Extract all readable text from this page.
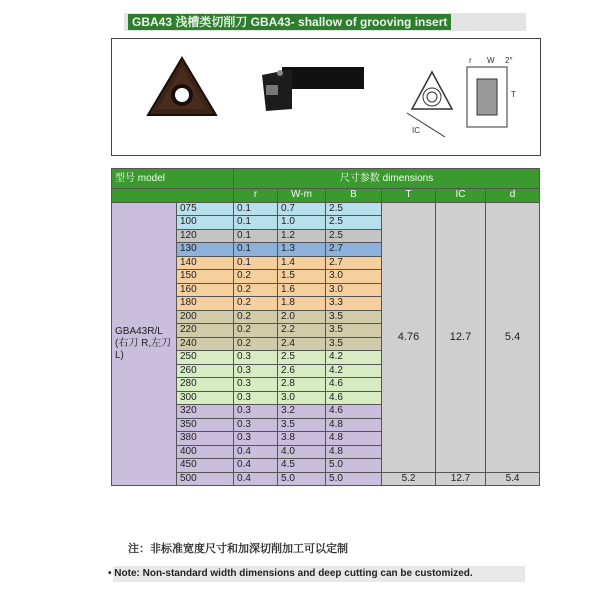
GBA43 浅槽类切削刀 GBA43- shallow of grooving insert
IC
W
r	2°
T
型号 model		尺寸参数 dimensions					
		r	W-m	B	T	IC	d
GBA43R/L (右刀 R,左刀 L)	075	0.1	0.7	2.5	4.76	12.7	5.4
	100	0.1	1.0	2.5			
	120	0.1	1.2	2.5			
	130	0.1	1.3	2.7			
	140	0.1	1.4	2.7			
	150	0.2	1.5	3.0			
	160	0.2	1.6	3.0			
	180	0.2	1.8	3.3			
	200	0.2	2.0	3.5			
	220	0.2	2.2	3.5			
	240	0.2	2.4	3.5			
	250	0.3	2.5	4.2			
	260	0.3	2.6	4.2			
	280	0.3	2.8	4.6			
	300	0.3	3.0	4.6			
	320	0.3	3.2	4.6			
	350	0.3	3.5	4.8			
	380	0.3	3.8	4.8			
	400	0.4	4.0	4.8			
	450	0.4	4.5	5.0			
	500	0.4	5.0	5.0	5.2	12.7	5.4
注：非标准宽度尺寸和加深切削加工可以定制
• Note: Non-standard width dimensions and deep cutting can be customized.
